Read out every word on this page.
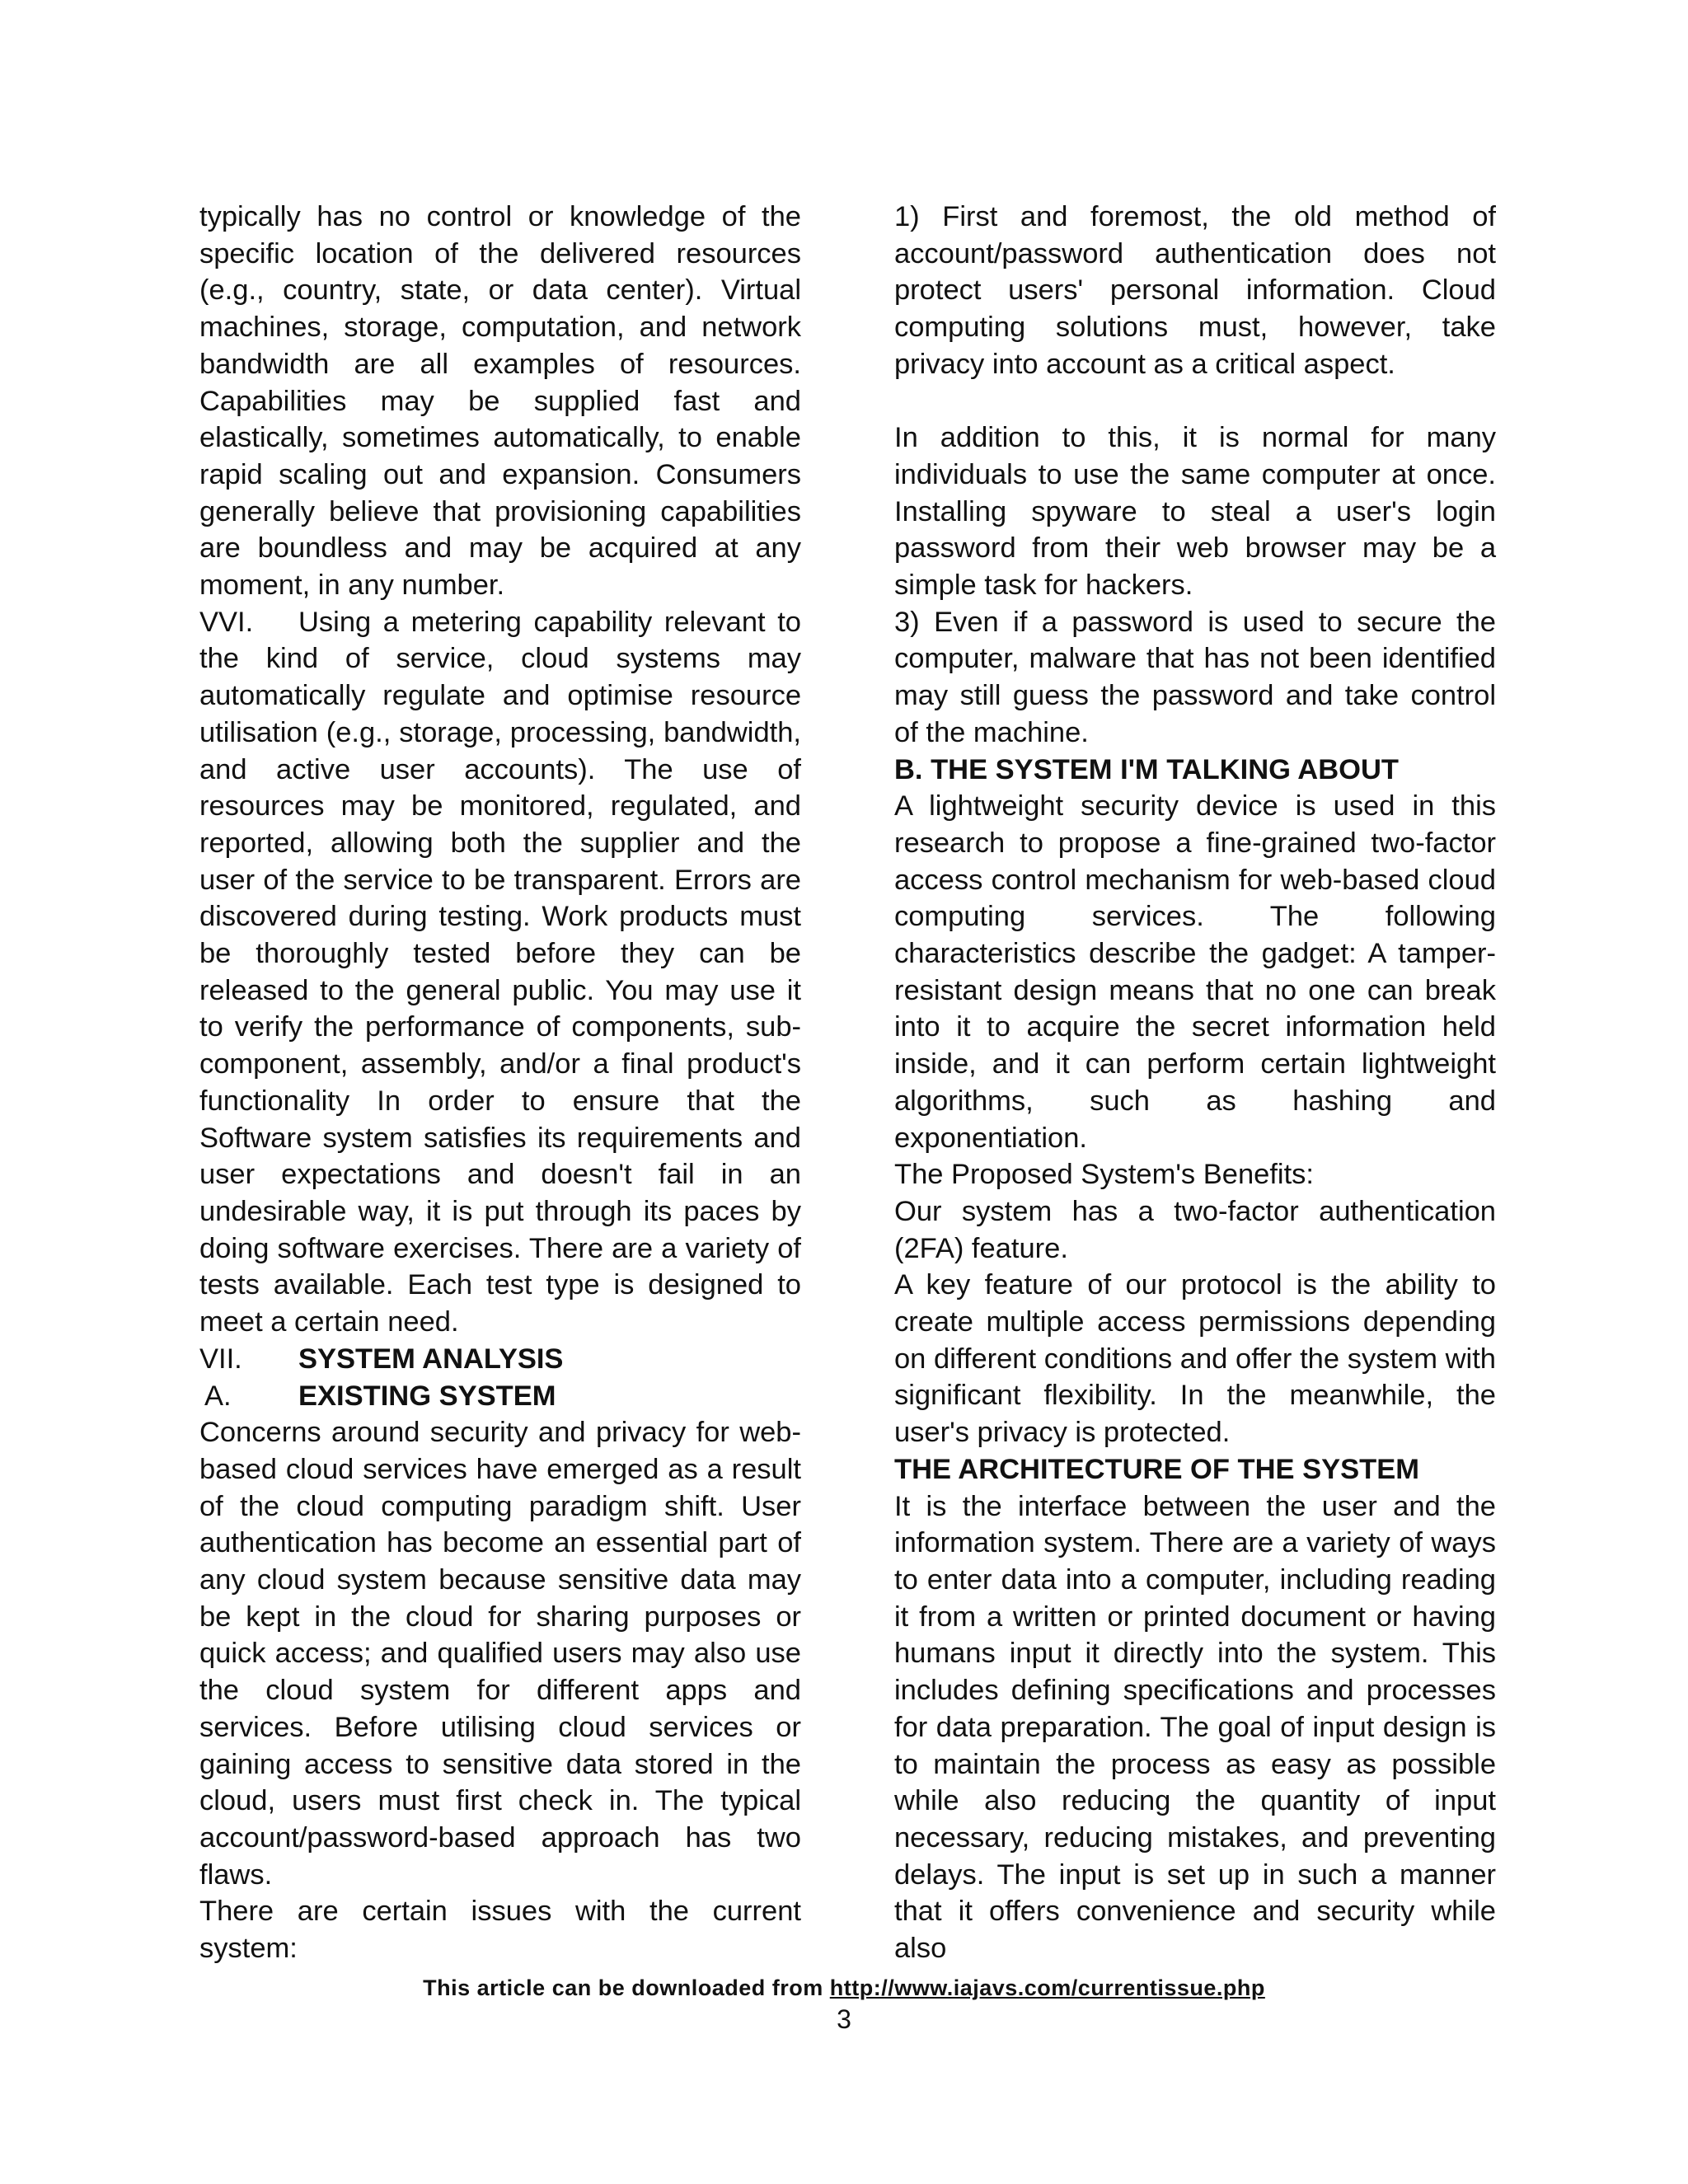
typically has no control or knowledge of the specific location of the delivered resources (e.g., country, state, or data center). Virtual machines, storage, computation, and network bandwidth are all examples of resources. Capabilities may be supplied fast and elastically, sometimes automatically, to enable rapid scaling out and expansion. Consumers generally believe that provisioning capabilities are boundless and may be acquired at any moment, in any number.

VVI. Using a metering capability relevant to the kind of service, cloud systems may automatically regulate and optimise resource utilisation (e.g., storage, processing, bandwidth, and active user accounts). The use of resources may be monitored, regulated, and reported, allowing both the supplier and the user of the service to be transparent. Errors are discovered during testing. Work products must be thoroughly tested before they can be released to the general public. You may use it to verify the performance of components, sub-component, assembly, and/or a final product's functionality In order to ensure that the Software system satisfies its requirements and user expectations and doesn't fail in an undesirable way, it is put through its paces by doing software exercises. There are a variety of tests available. Each test type is designed to meet a certain need.

VII.	SYSTEM ANALYSIS
A.	EXISTING SYSTEM

Concerns around security and privacy for web-based cloud services have emerged as a result of the cloud computing paradigm shift. User authentication has become an essential part of any cloud system because sensitive data may be kept in the cloud for sharing purposes or quick access; and qualified users may also use the cloud system for different apps and services. Before utilising cloud services or gaining access to sensitive data stored in the cloud, users must first check in. The typical account/password-based approach has two flaws.

There are certain issues with the current system:

1) First and foremost, the old method of account/password authentication does not protect users' personal information. Cloud computing solutions must, however, take privacy into account as a critical aspect.

In addition to this, it is normal for many individuals to use the same computer at once. Installing spyware to steal a user's login password from their web browser may be a simple task for hackers.

3) Even if a password is used to secure the computer, malware that has not been identified may still guess the password and take control of the machine.

B. THE SYSTEM I'M TALKING ABOUT

A lightweight security device is used in this research to propose a fine-grained two-factor access control mechanism for web-based cloud computing services. The following characteristics describe the gadget: A tamper-resistant design means that no one can break into it to acquire the secret information held inside, and it can perform certain lightweight algorithms, such as hashing and exponentiation.

The Proposed System's Benefits:

Our system has a two-factor authentication (2FA) feature.

A key feature of our protocol is the ability to create multiple access permissions depending on different conditions and offer the system with significant flexibility. In the meanwhile, the user's privacy is protected.

THE ARCHITECTURE OF THE SYSTEM

It is the interface between the user and the information system. There are a variety of ways to enter data into a computer, including reading it from a written or printed document or having humans input it directly into the system. This includes defining specifications and processes for data preparation. The goal of input design is to maintain the process as easy as possible while also reducing the quantity of input necessary, reducing mistakes, and preventing delays. The input is set up in such a manner that it offers convenience and security while also

This article can be downloaded from http://www.iajavs.com/currentissue.php
3
